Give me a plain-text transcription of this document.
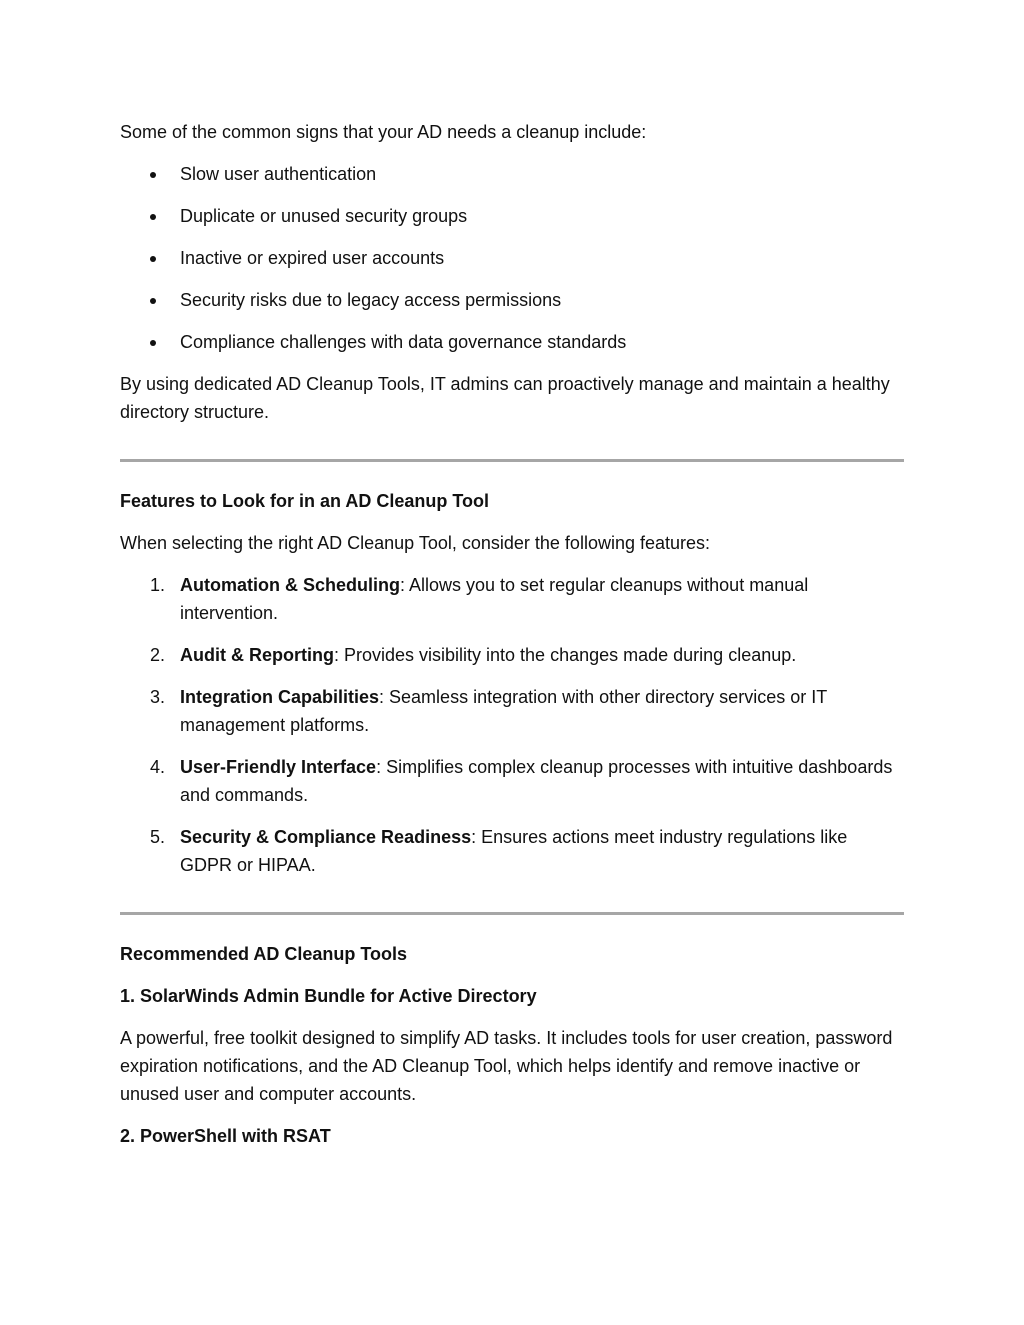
Some of the common signs that your AD needs a cleanup include:

Slow user authentication
Duplicate or unused security groups
Inactive or expired user accounts
Security risks due to legacy access permissions
Compliance challenges with data governance standards

By using dedicated AD Cleanup Tools, IT admins can proactively manage and maintain a healthy directory structure.

Features to Look for in an AD Cleanup Tool

When selecting the right AD Cleanup Tool, consider the following features:

1. Automation & Scheduling: Allows you to set regular cleanups without manual intervention.
2. Audit & Reporting: Provides visibility into the changes made during cleanup.
3. Integration Capabilities: Seamless integration with other directory services or IT management platforms.
4. User-Friendly Interface: Simplifies complex cleanup processes with intuitive dashboards and commands.
5. Security & Compliance Readiness: Ensures actions meet industry regulations like GDPR or HIPAA.
Recommended AD Cleanup Tools
1. SolarWinds Admin Bundle for Active Directory

A powerful, free toolkit designed to simplify AD tasks. It includes tools for user creation, password expiration notifications, and the AD Cleanup Tool, which helps identify and remove inactive or unused user and computer accounts.

2. PowerShell with RSAT
